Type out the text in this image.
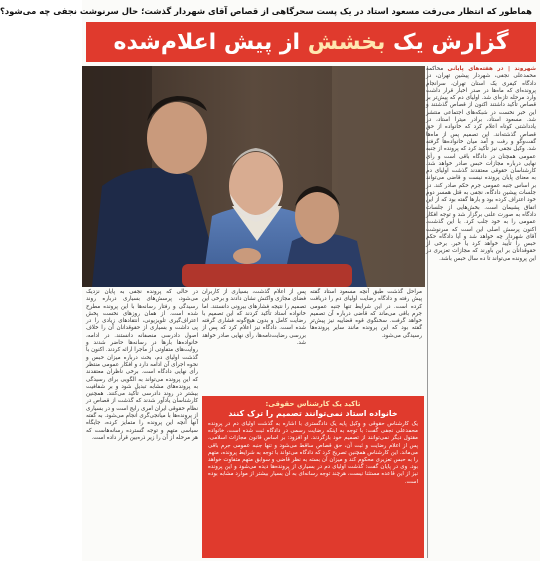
هماطور که انتظار می‌رفت مسعود استاد در یک پست سحرگاهی از قصاص آقای شهردار گذشت؛ حال سرنوشت نجفی چه می‌شود؟
گزارش یک بخشش از پیش اعلام‌شده
شهروند | در هفته‌های پایانی محاکمه محمدعلی نجفی، شهردار پیشین تهران، در دادگاه کیفری یک استان تهران، سرانجام پرونده‌ای که ماه‌ها در صدر اخبار قرار داشت وارد مرحله تازه‌ای شد. اولیای دم که پیش‌تر بر قصاص تأکید داشتند اکنون از قصاص گذشتند و این خبر نخست در شبکه‌های اجتماعی منتشر شد. مسعود استاد، برادر میترا استاد، در یادداشتی کوتاه اعلام کرد که خانواده از حق قصاص گذشته‌اند. این تصمیم پس از ماه‌ها گفت‌وگو و رفت و آمد میان خانواده‌ها گرفته شد. وکیل نجفی نیز تأکید کرد که پرونده از جنبه عمومی همچنان در دادگاه باقی است و رأی نهایی درباره مجازات حبس صادر خواهد شد. کارشناسان حقوقی معتقدند گذشت اولیای دم به معنای پایان پرونده نیست و قاضی می‌تواند بر اساس جنبه عمومی جرم حکم صادر کند. در جلسات پیشین دادگاه، نجفی به قتل همسر دوم خود اعتراف کرده بود و بارها گفته بود که از این اتفاق پشیمان است. بخش‌هایی از جلسات دادگاه به صورت علنی برگزار شد و توجه افکار عمومی را به خود جلب کرد. با این گذشت، اکنون پرسش اصلی این است که سرنوشت آقای شهردار چه خواهد شد و آیا دادگاه حکم حبس را تأیید خواهد کرد یا خیر. برخی از حقوقدانان بر این باورند که مجازات تعزیری در این پرونده می‌تواند تا ده سال حبس باشد.
مراحل گذشت طبق آنچه مسعود استاد گفته پیش رفته و دادگاه رضایت اولیای دم را دریافت کرده است. در این شرایط تنها جنبه عمومی جرم باقی می‌ماند که قاضی درباره آن تصمیم خواهد گرفت. سخنگوی قوه قضاییه نیز پیش‌تر گفته بود که این پرونده مانند سایر پرونده‌ها رسیدگی می‌شود.
پس از اعلام گذشت، بسیاری از کاربران فضای مجازی واکنش نشان دادند و برخی این تصمیم را نتیجه فشارهای بیرونی دانستند. اما خانواده استاد تأکید کردند که این تصمیم با رضایت کامل و بدون هیچ‌گونه فشاری گرفته شده است. دادگاه نیز اعلام کرد که پس از بررسی رضایت‌نامه‌ها، رأی نهایی صادر خواهد شد.
در حالی که پرونده نجفی به پایان نزدیک می‌شود، پرسش‌های بسیاری درباره روند رسیدگی و رفتار رسانه‌ها با این پرونده مطرح شده است. از همان روزهای نخست پخش اعتراف‌گیری تلویزیونی، انتقادهای زیادی را در پی داشت و بسیاری از حقوقدانان آن را خلاف اصول دادرسی منصفانه دانستند. در ادامه، خانواده‌ها بارها در رسانه‌ها حاضر شدند و روایت‌های متفاوتی از ماجرا ارائه کردند. اکنون با گذشت اولیای دم، بحث درباره میزان حبس و نحوه اجرای آن ادامه دارد و افکار عمومی منتظر رأی نهایی دادگاه است. برخی ناظران معتقدند که این پرونده می‌تواند به الگویی برای رسیدگی به پرونده‌های مشابه تبدیل شود و بر شفافیت بیشتر در روند دادرسی تأکید می‌کنند. همچنین کارشناسان یادآور شدند که گذشت از قصاص در نظام حقوقی ایران امری رایج است و در بسیاری از پرونده‌ها با میانجی‌گری انجام می‌شود. به گفته آنها آنچه این پرونده را متمایز کرده، جایگاه سیاسی متهم و توجه گسترده رسانه‌هاست که هر مرحله از آن را زیر ذره‌بین قرار داده است.
تاکید یک کارشناس حقوقی:
خانواده استاد نمی‌توانند تصمیم را ترک کنند
یک کارشناس حقوقی و وکیل پایه یک دادگستری با اشاره به گذشت اولیای دم در پرونده محمدعلی نجفی گفت: با توجه به اینکه رضایت رسمی در دادگاه ثبت شده است، خانواده مقتول دیگر نمی‌توانند از تصمیم خود بازگردند. او افزود: بر اساس قانون مجازات اسلامی، پس از اعلام رضایت و ثبت آن، حق قصاص ساقط می‌شود و تنها جنبه عمومی جرم باقی می‌ماند. این کارشناس همچنین تصریح کرد که دادگاه می‌تواند با توجه به شرایط پرونده، متهم را به حبس تعزیری محکوم کند و میزان آن بسته به نظر قاضی و سوابق متهم متفاوت خواهد بود. وی در پایان گفت: گذشت اولیای دم در بسیاری از پرونده‌ها دیده می‌شود و این پرونده نیز از این قاعده مستثنا نیست، هرچند توجه رسانه‌ای به آن بسیار بیشتر از موارد مشابه بوده است.
